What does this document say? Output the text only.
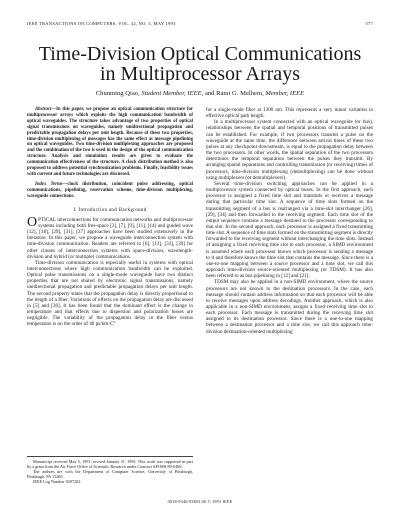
IEEE TRANSACTIONS ON COMPUTERS, VOL. 42, NO. 5, MAY 1993	577
Time-Division Optical Communications
in Multiprocessor Arrays
Chunming Qiao, Student Member, IEEE, and Rami G. Melhem, Member, IEEE

Abstract—In this paper, we propose an optical communication structure for multiprocessor arrays which exploits the high communication bandwidth of optical waveguides. The structure takes advantage of two properties of optical signal transmissions on waveguides, namely unidirectional propagation and predictable propagation delays per unit length. Because of these two properties, time-division multiplexing of messages has the same effect as message pipelining on optical waveguides. Two time-division multiplexing approaches are proposed and the combination of the two is used in the design of the optical communication structure. Analysis and simulation results are given to evaluate the communication effectiveness of the structure. A clock distribution method is also proposed to address potential synchronization problems. Finally, feasibility issues with current and future technologies are discussed.

Index Terms—clock distribution, coincident pulse addressing, optical communications, pipelining, reservation scheme, time-division multiplexing, waveguide connections.

I. Introduction and Background

OPTICAL interconnections for communication networks and multiprocessor systems including both free-space [3], [7], [9], [11], [14] and guided wave [12], [18], [29], [31], [37] approaches have been studied extensively in the literature. In this paper, we propose a waveguide interconnection system with time-division communication. Readers are referred to [6], [13], [33], [39] for other classes of interconnection systems with space-division, wavelength-division and hybrid (or multiple) communications.

Time-division communication is especially useful in systems with optical interconnections where high communication bandwidth can be exploited. Optical pulse transmissions on a single-mode waveguide have two distinct properties that are not shared by electronic signal transmissions, namely unidirectional propagation and predictable propagation delays per unit length. The second property states that the propagation delay is directly proportional to the length of a fiber. Variations of effects on the propagation delay are discussed in [5] and [30]. It has been found that the dominant effect is the change in temperature and that effects due to dispersion and polarization losses are negligible. The variability of the propagation delay in the fiber versus temperature is on the order of 40 ps/km·C°

Manuscript received May 5, 1991; revised January 31, 1992. This work was supported in part by a grant from the Air Force Office of Scientific Research under Contract AFOSR-89-0469.

The authors are with the Department of Computer Science, University of Pittsburgh, Pittsburgh, PA 15260.

IEEE Log Number 9207202.

for a single-mode fiber at 1300 nm. This represents a very minor variation in effective optical path length.

In a multiprocessor system connected with an optical waveguide (or bus), relationships between the spatial and temporal positions of transmitted pulses can be established. For example, if two processors transmit a pulse on the waveguide at the same time, the difference between arrival times of these two pulses at any checkpoint downstream, is equal to the propagation delay between the two processors. In other words, the spatial separation of the two processors determines the temporal separation between the pulses they transmit. By arranging spatial separations and controlling transmission (or receiving) times of processors, time-division multiplexing (demultiplexing) can be done without using multiplexers (or demultiplexers).

Several time-division switching approaches can be applied in a multiprocessor system connected by optical buses. In the first approach, each processor is assigned a fixed time slot and transmits or receives a message during that particular time slot. A sequence of time slots formed on the transmitting segment of a bus is rearranged via a time-slot interchanger [26], [29], [34] and then forwarded to the receiving segment. Each time slot of the output sequence contains a message destined to the processor corresponding to that slot. In the second approach, each processor is assigned a fixed transmitting time slot. A sequence of time slots formed on the transmitting segment is directly forwarded to the receiving segment without interchanging the time slots. Instead of assigning a fixed receiving time slot to each processor, a SIMD environment is assumed where each processor knows which processor is sending a message to it and therefore knows the time slot that contains the message. Since there is a one-to-one mapping between a source processor and a time slot, we call this approach time-division source-oriented multiplexing (or TDSM). It has also been referred to as bus pipelining in [12] and [21].

TDSM may also be applied in a non-SIMD environment, where the source processors are not known to the destination processors. In the case, each message should contain address information so that each processor will be able to receive messages upon address decodings. Another approach, which is also applicable in a non-SIMD environment, assigns a fixed receiving time slot to each processor. Each message is transmitted during the receiving time slot assigned to its destination processor. Since there is a one-to-one mapping between a destination processor and a time slot, we call this approach time-division destination-oriented multiplexing

0018-9340/93$03.00 © 1993 IEEE
